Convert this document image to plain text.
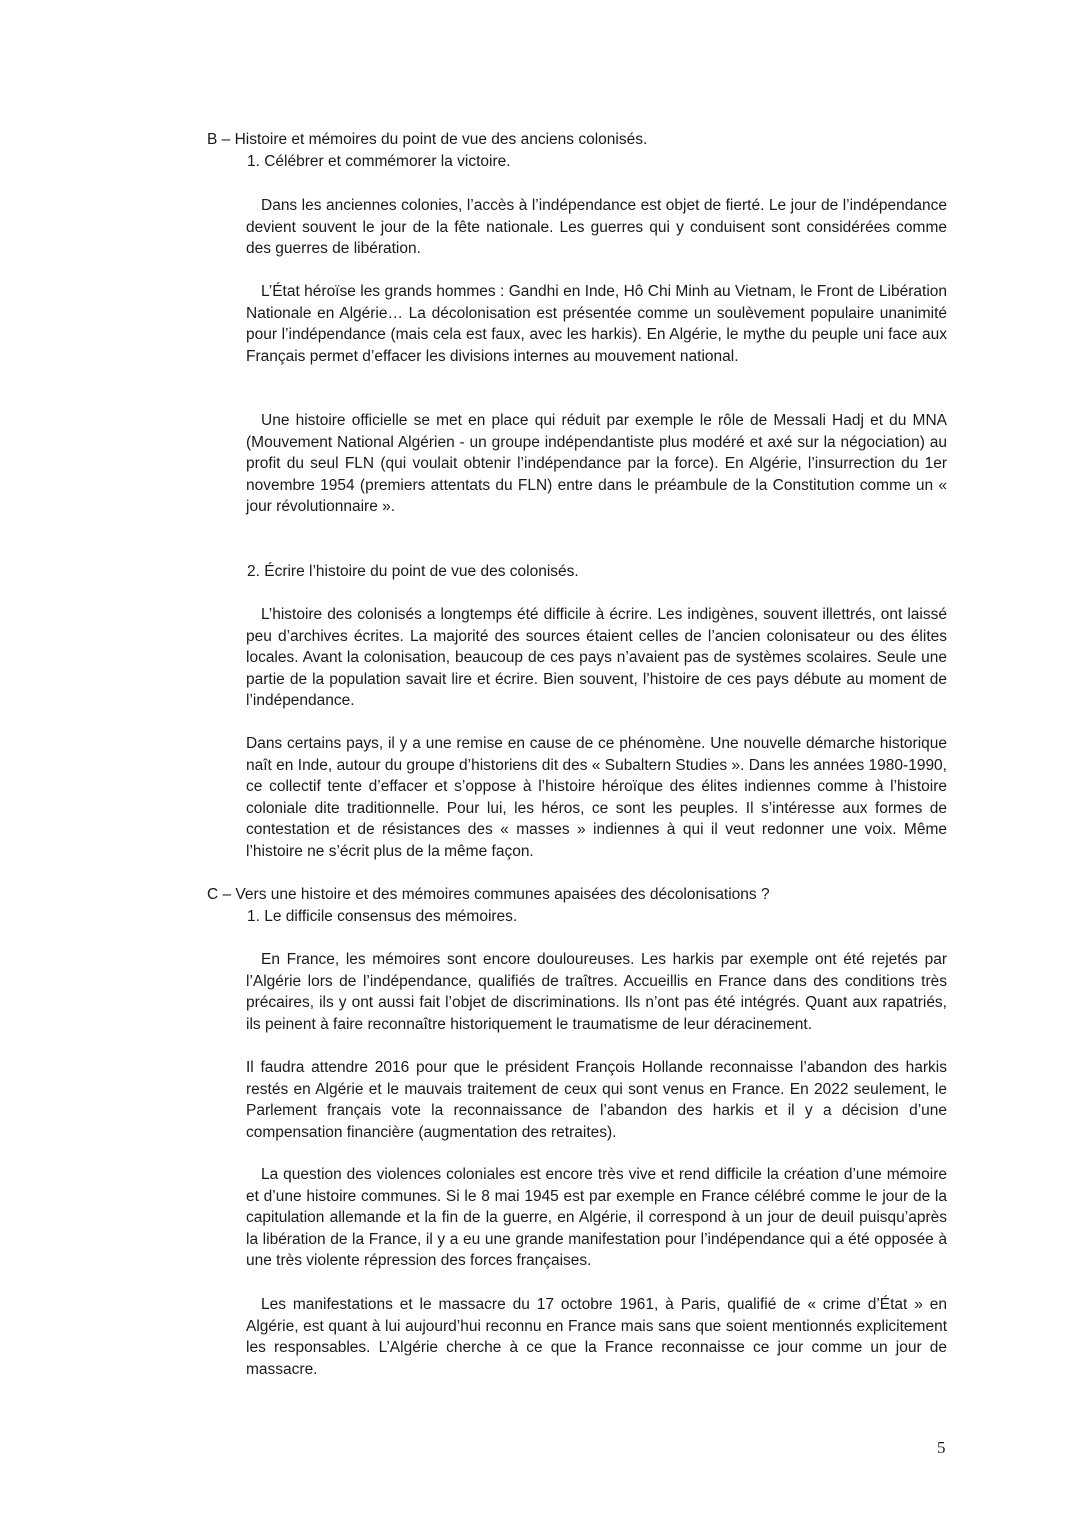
B – Histoire et mémoires du point de vue des anciens colonisés.
1. Célébrer et commémorer la victoire.

Dans les anciennes colonies, l’accès à l’indépendance est objet de fierté. Le jour de l’indépendance devient souvent le jour de la fête nationale. Les guerres qui y conduisent sont considérées comme des guerres de libération.

L’État héroïse les grands hommes : Gandhi en Inde, Hô Chi Minh au Vietnam, le Front de Libération Nationale en Algérie… La décolonisation est présentée comme un soulèvement populaire unanimité pour l’indépendance (mais cela est faux, avec les harkis). En Algérie, le mythe du peuple uni face aux Français permet d’effacer les divisions internes au mouvement national.

Une histoire officielle se met en place qui réduit par exemple le rôle de Messali Hadj et du MNA (Mouvement National Algérien - un groupe indépendantiste plus modéré et axé sur la négociation) au profit du seul FLN (qui voulait obtenir l’indépendance par la force). En Algérie, l’insurrection du 1er novembre 1954 (premiers attentats du FLN) entre dans le préambule de la Constitution comme un « jour révolutionnaire ».

2. Écrire l’histoire du point de vue des colonisés.

L’histoire des colonisés a longtemps été difficile à écrire. Les indigènes, souvent illettrés, ont laissé peu d’archives écrites. La majorité des sources étaient celles de l’ancien colonisateur ou des élites locales. Avant la colonisation, beaucoup de ces pays n’avaient pas de systèmes scolaires. Seule une partie de la population savait lire et écrire. Bien souvent, l’histoire de ces pays débute au moment de l’indépendance.

Dans certains pays, il y a une remise en cause de ce phénomène. Une nouvelle démarche historique naît en Inde, autour du groupe d’historiens dit des « Subaltern Studies ». Dans les années 1980-1990, ce collectif tente d’effacer et s’oppose à l’histoire héroïque des élites indiennes comme à l’histoire coloniale dite traditionnelle. Pour lui, les héros, ce sont les peuples. Il s’intéresse aux formes de contestation et de résistances des « masses » indiennes à qui il veut redonner une voix. Même l’histoire ne s’écrit plus de la même façon.

C – Vers une histoire et des mémoires communes apaisées des décolonisations ?
1. Le difficile consensus des mémoires.

En France, les mémoires sont encore douloureuses. Les harkis par exemple ont été rejetés par l’Algérie lors de l’indépendance, qualifiés de traîtres. Accueillis en France dans des conditions très précaires, ils y ont aussi fait l’objet de discriminations. Ils n’ont pas été intégrés. Quant aux rapatriés, ils peinent à faire reconnaître historiquement le traumatisme de leur déracinement.

Il faudra attendre 2016 pour que le président François Hollande reconnaisse l’abandon des harkis restés en Algérie et le mauvais traitement de ceux qui sont venus en France. En 2022 seulement, le Parlement français vote la reconnaissance de l’abandon des harkis et il y a décision d’une compensation financière (augmentation des retraites).

La question des violences coloniales est encore très vive et rend difficile la création d’une mémoire et d’une histoire communes. Si le 8 mai 1945 est par exemple en France célébré comme le jour de la capitulation allemande et la fin de la guerre, en Algérie, il correspond à un jour de deuil puisqu’après la libération de la France, il y a eu une grande manifestation pour l’indépendance qui a été opposée à une très violente répression des forces françaises.

Les manifestations et le massacre du 17 octobre 1961, à Paris, qualifié de « crime d’État » en Algérie, est quant à lui aujourd’hui reconnu en France mais sans que soient mentionnés explicitement les responsables. L’Algérie cherche à ce que la France reconnaisse ce jour comme un jour de massacre.

5
